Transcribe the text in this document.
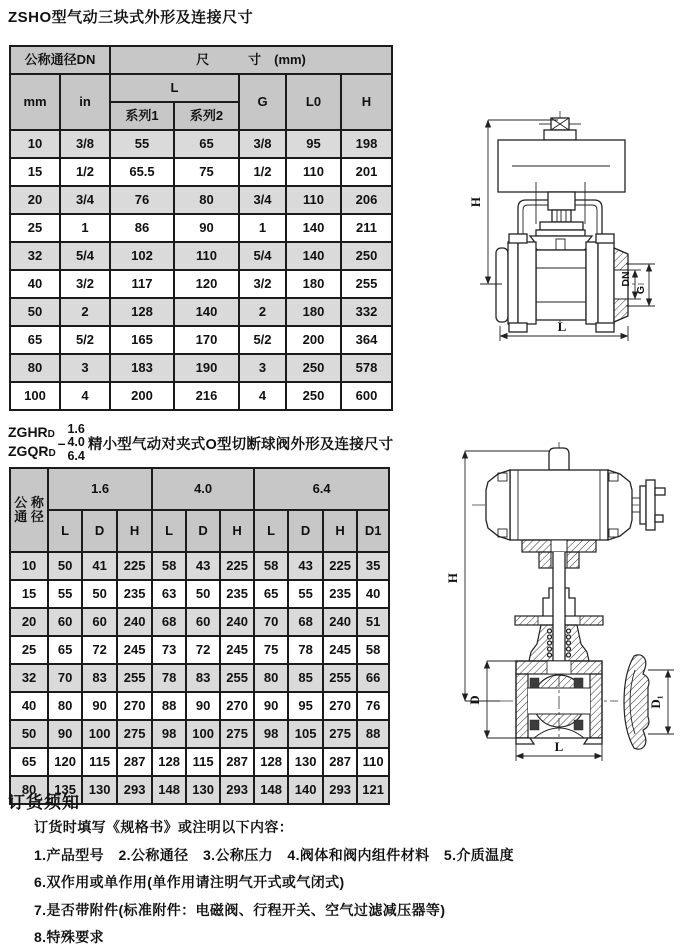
ZSHO型气动三块式外形及连接尺寸
公称通径DN		尺　　　寸　(mm)				
mm	in	L		G	L0	H
		系列1	系列2			
10	3/8	55	65	3/8	95	198
15	1/2	65.5	75	1/2	110	201
20	3/4	76	80	3/4	110	206
25	1	86	90	1	140	211
32	5/4	102	110	5/4	140	250
40	3/2	117	120	3/2	180	255
50	2	128	140	2	180	332
65	5/2	165	170	5/2	200	364
80	3	183	190	3	250	578
100	4	200	216	4	250	600
ZGHRD
ZGQRD
–
1.6
4.0
6.4
精小型气动对夹式O型切断球阀外形及连接尺寸

公 称
通 径	1.6			4.0			6.4			
	L	D	H	L	D	H	L	D	H	D1
10	50	41	225	58	43	225	58	43	225	35
15	55	50	235	63	50	235	65	55	235	40
20	60	60	240	68	60	240	70	68	240	51
25	65	72	245	73	72	245	75	78	245	58
32	70	83	255	78	83	255	80	85	255	66
40	80	90	270	88	90	270	90	95	270	76
50	90	100	275	98	100	275	98	105	275	88
65	120	115	287	128	115	287	128	130	287	110
80	135	130	293	148	130	293	148	140	293	121
H
DN
G
L
H
D
L
D₁
订货须知
订货时填写《规格书》或注明以下内容：
1.产品型号　2.公称通径　3.公称压力　4.阀体和阀内组件材料　5.介质温度
6.双作用或单作用(单作用请注明气开式或气闭式)
7.是否带附件(标准附件：电磁阀、行程开关、空气过滤减压器等)
8.特殊要求
